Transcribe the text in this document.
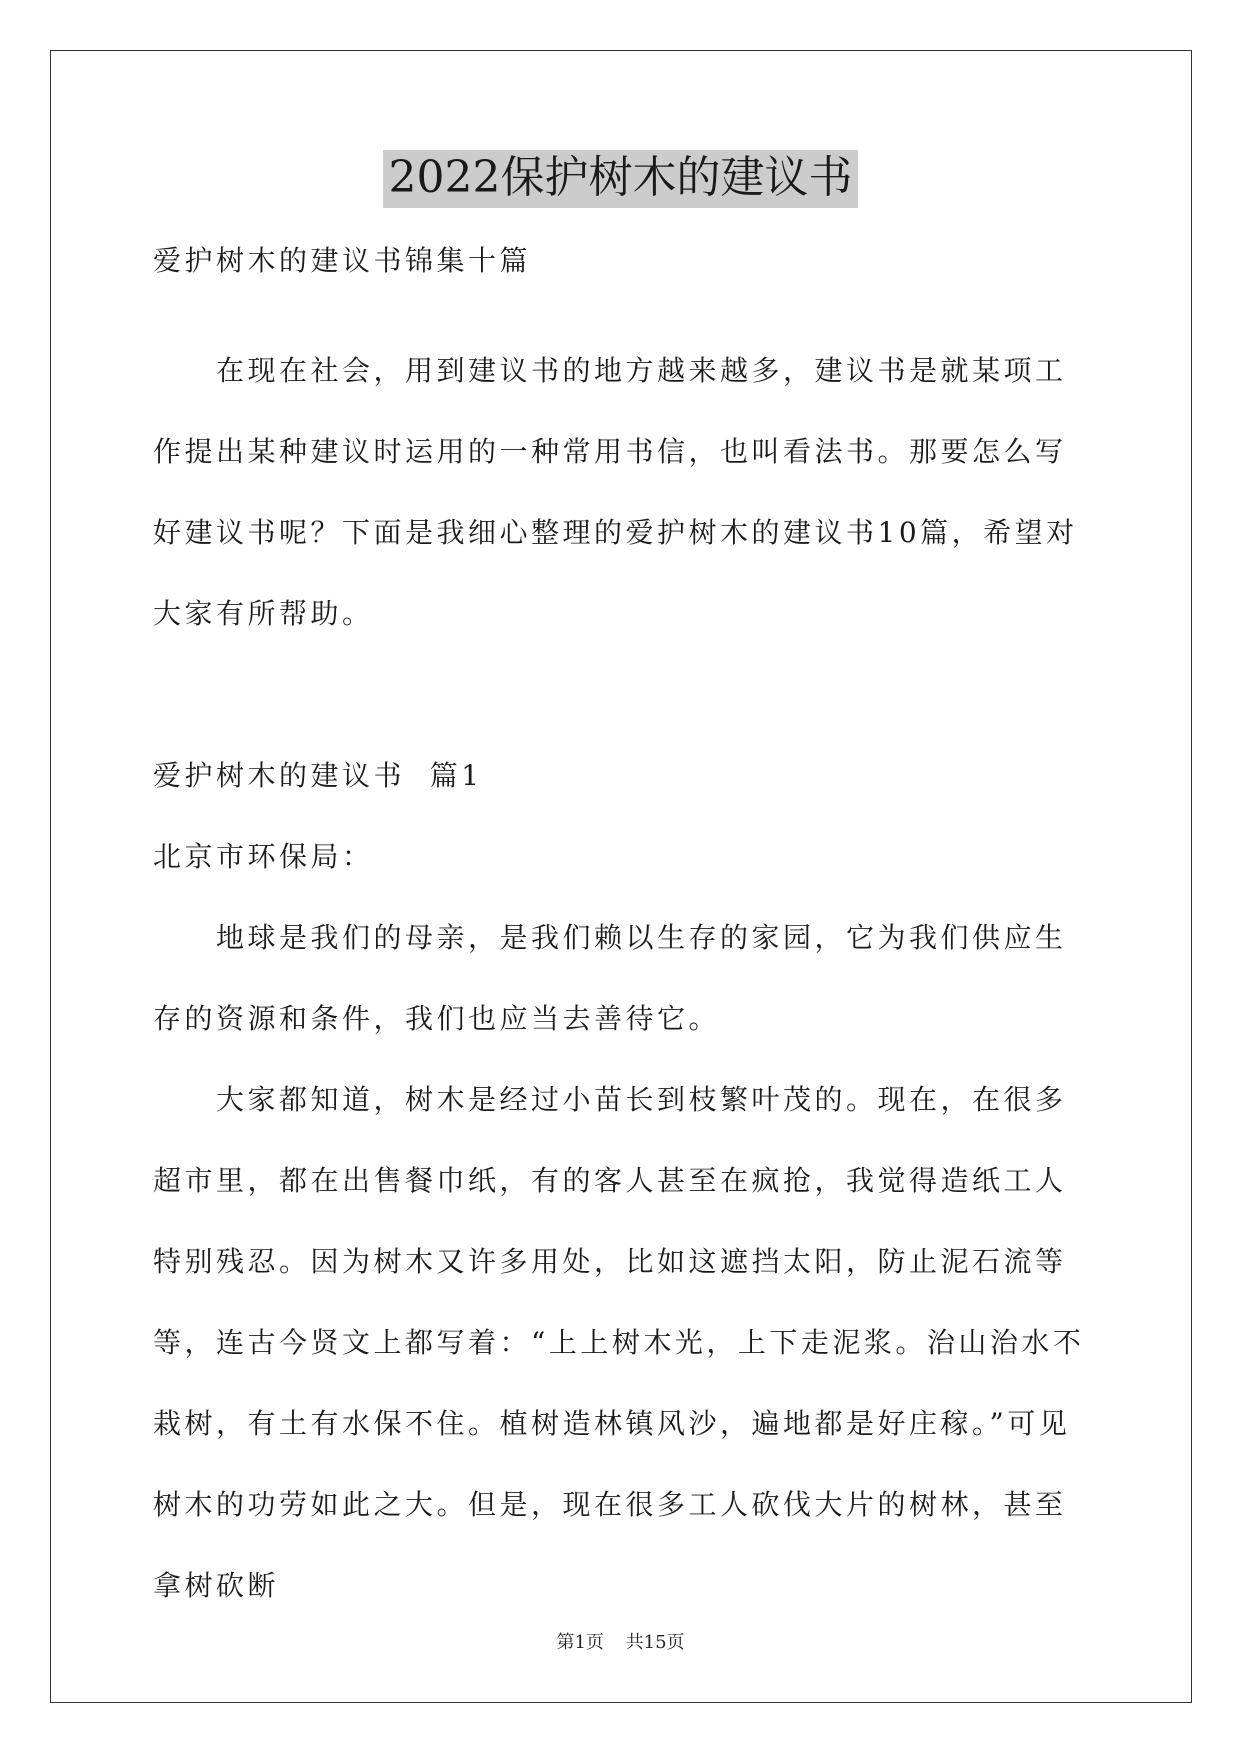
2022保护树木的建议书

爱护树木的建议书锦集十篇

在现在社会，用到建议书的地方越来越多，建议书是就某项工作提出某种建议时运用的一种常用书信，也叫看法书。那要怎么写好建议书呢？下面是我细心整理的爱护树木的建议书10篇，希望对大家有所帮助。

爱护树木的建议书  篇1

北京市环保局：

地球是我们的母亲，是我们赖以生存的家园，它为我们供应生存的资源和条件，我们也应当去善待它。

大家都知道，树木是经过小苗长到枝繁叶茂的。现在，在很多超市里，都在出售餐巾纸，有的客人甚至在疯抢，我觉得造纸工人特别残忍。因为树木又许多用处，比如这遮挡太阳，防止泥石流等等，连古今贤文上都写着：“上上树木光，上下走泥浆。治山治水不栽树，有土有水保不住。植树造林镇风沙，遍地都是好庄稼。”可见树木的功劳如此之大。但是，现在很多工人砍伐大片的树林，甚至拿树砍断

第1页 共15页
